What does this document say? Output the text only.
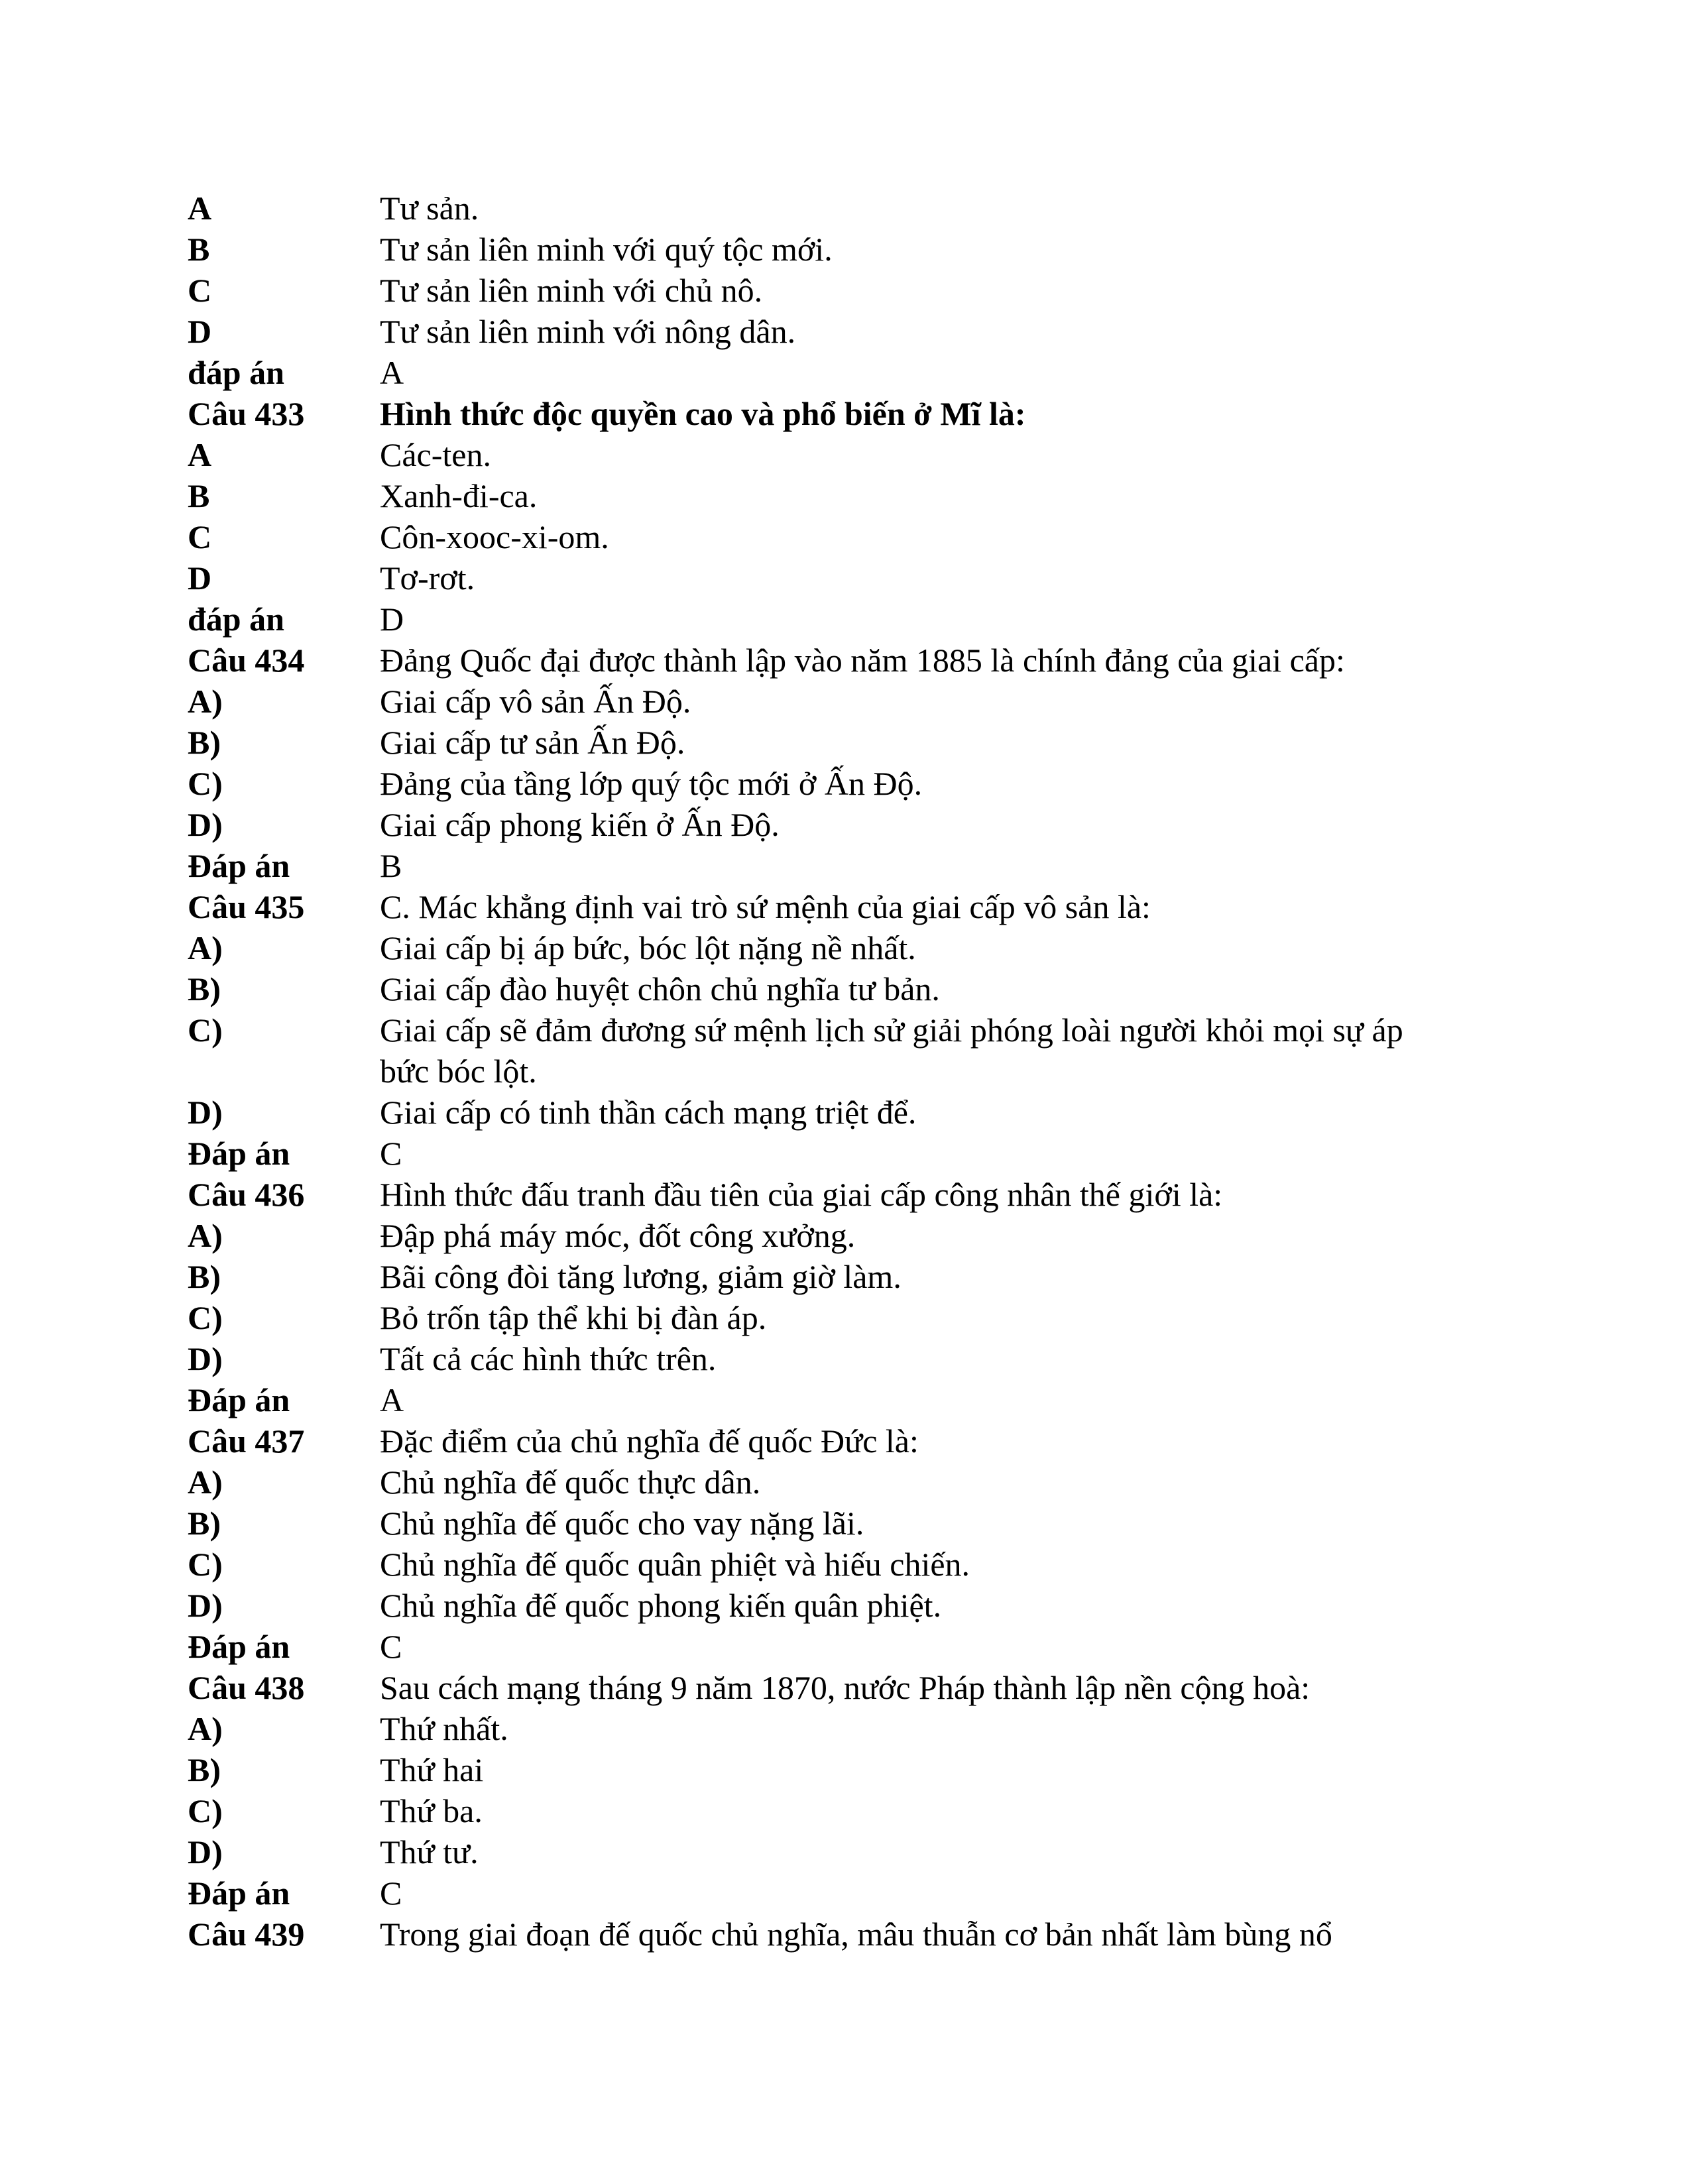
A	Tư sản.
B	Tư sản liên minh với quý tộc mới.
C	Tư sản liên minh với chủ nô.
D	Tư sản liên minh với nông dân.
đáp án	A
Câu 433	Hình thức độc quyền cao và phổ biến ở Mĩ là:
A	Các-ten.
B	Xanh-đi-ca.
C	Côn-xooc-xi-om.
D	Tơ-rơt.
đáp án	D
Câu 434	Đảng Quốc đại được thành lập vào năm 1885 là chính đảng của giai cấp:
A)	Giai cấp vô sản Ấn Độ.
B)	Giai cấp tư sản Ấn Độ.
C)	Đảng của tầng lớp quý tộc mới ở Ấn Độ.
D)	Giai cấp phong kiến ở Ấn Độ.
Đáp án	B
Câu 435	C. Mác khẳng định vai trò sứ mệnh của giai cấp vô sản là:
A)	Giai cấp bị áp bức, bóc lột nặng nề nhất.
B)	Giai cấp đào huyệt chôn chủ nghĩa tư bản.
C)	Giai cấp sẽ đảm đương sứ mệnh lịch sử giải phóng loài người khỏi mọi sự áp bức bóc lột.
D)	Giai cấp có tinh thần cách mạng triệt để.
Đáp án	C
Câu 436	Hình thức đấu tranh đầu tiên của giai cấp công nhân thế giới là:
A)	Đập phá máy móc, đốt công xưởng.
B)	Bãi công đòi tăng lương, giảm giờ làm.
C)	Bỏ trốn tập thể khi bị đàn áp.
D)	Tất cả các hình thức trên.
Đáp án	A
Câu 437	Đặc điểm của chủ nghĩa đế quốc Đức là:
A)	Chủ nghĩa đế quốc thực dân.
B)	Chủ nghĩa đế quốc cho vay nặng lãi.
C)	Chủ nghĩa đế quốc quân phiệt và hiếu chiến.
D)	Chủ nghĩa đế quốc phong kiến quân phiệt.
Đáp án	C
Câu 438	Sau cách mạng tháng 9 năm 1870, nước Pháp thành lập nền cộng hoà:
A)	Thứ nhất.
B)	Thứ hai
C)	Thứ ba.
D)	Thứ tư.
Đáp án	C
Câu 439	Trong giai đoạn đế quốc chủ nghĩa, mâu thuẫn cơ bản nhất làm bùng nổ
